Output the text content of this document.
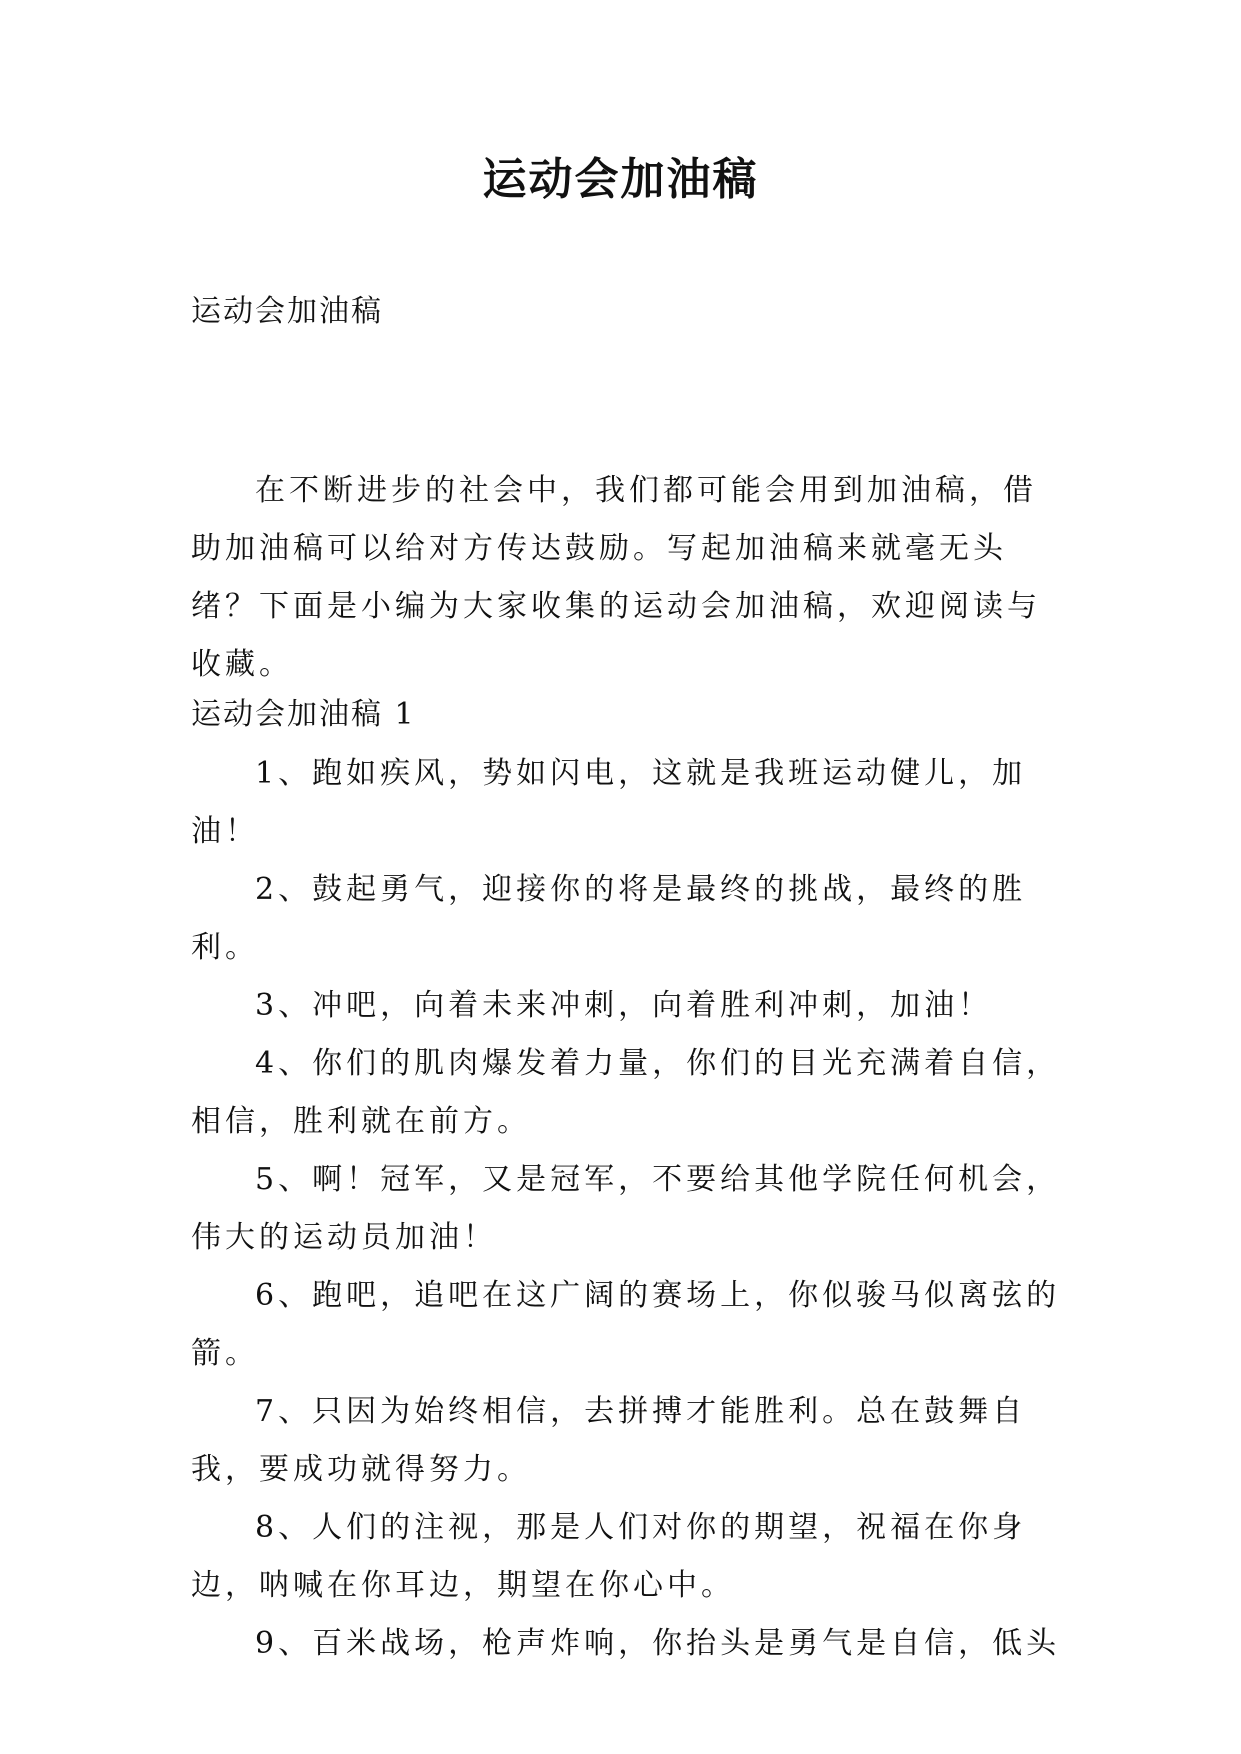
运动会加油稿
运动会加油稿

在不断进步的社会中，我们都可能会用到加油稿，借助加油稿可以给对方传达鼓励。写起加油稿来就毫无头绪？下面是小编为大家收集的运动会加油稿，欢迎阅读与收藏。

运动会加油稿 1

1、跑如疾风，势如闪电，这就是我班运动健儿，加油！

2、鼓起勇气，迎接你的将是最终的挑战，最终的胜利。

3、冲吧，向着未来冲刺，向着胜利冲刺，加油！

4、你们的肌肉爆发着力量，你们的目光充满着自信，相信，胜利就在前方。

5、啊！冠军，又是冠军，不要给其他学院任何机会，伟大的运动员加油！

6、跑吧，追吧在这广阔的赛场上，你似骏马似离弦的箭。

7、只因为始终相信，去拼搏才能胜利。总在鼓舞自我，要成功就得努力。

8、人们的注视，那是人们对你的期望，祝福在你身边，呐喊在你耳边，期望在你心中。

9、百米战场，枪声炸响，你抬头是勇气是自信，低头
